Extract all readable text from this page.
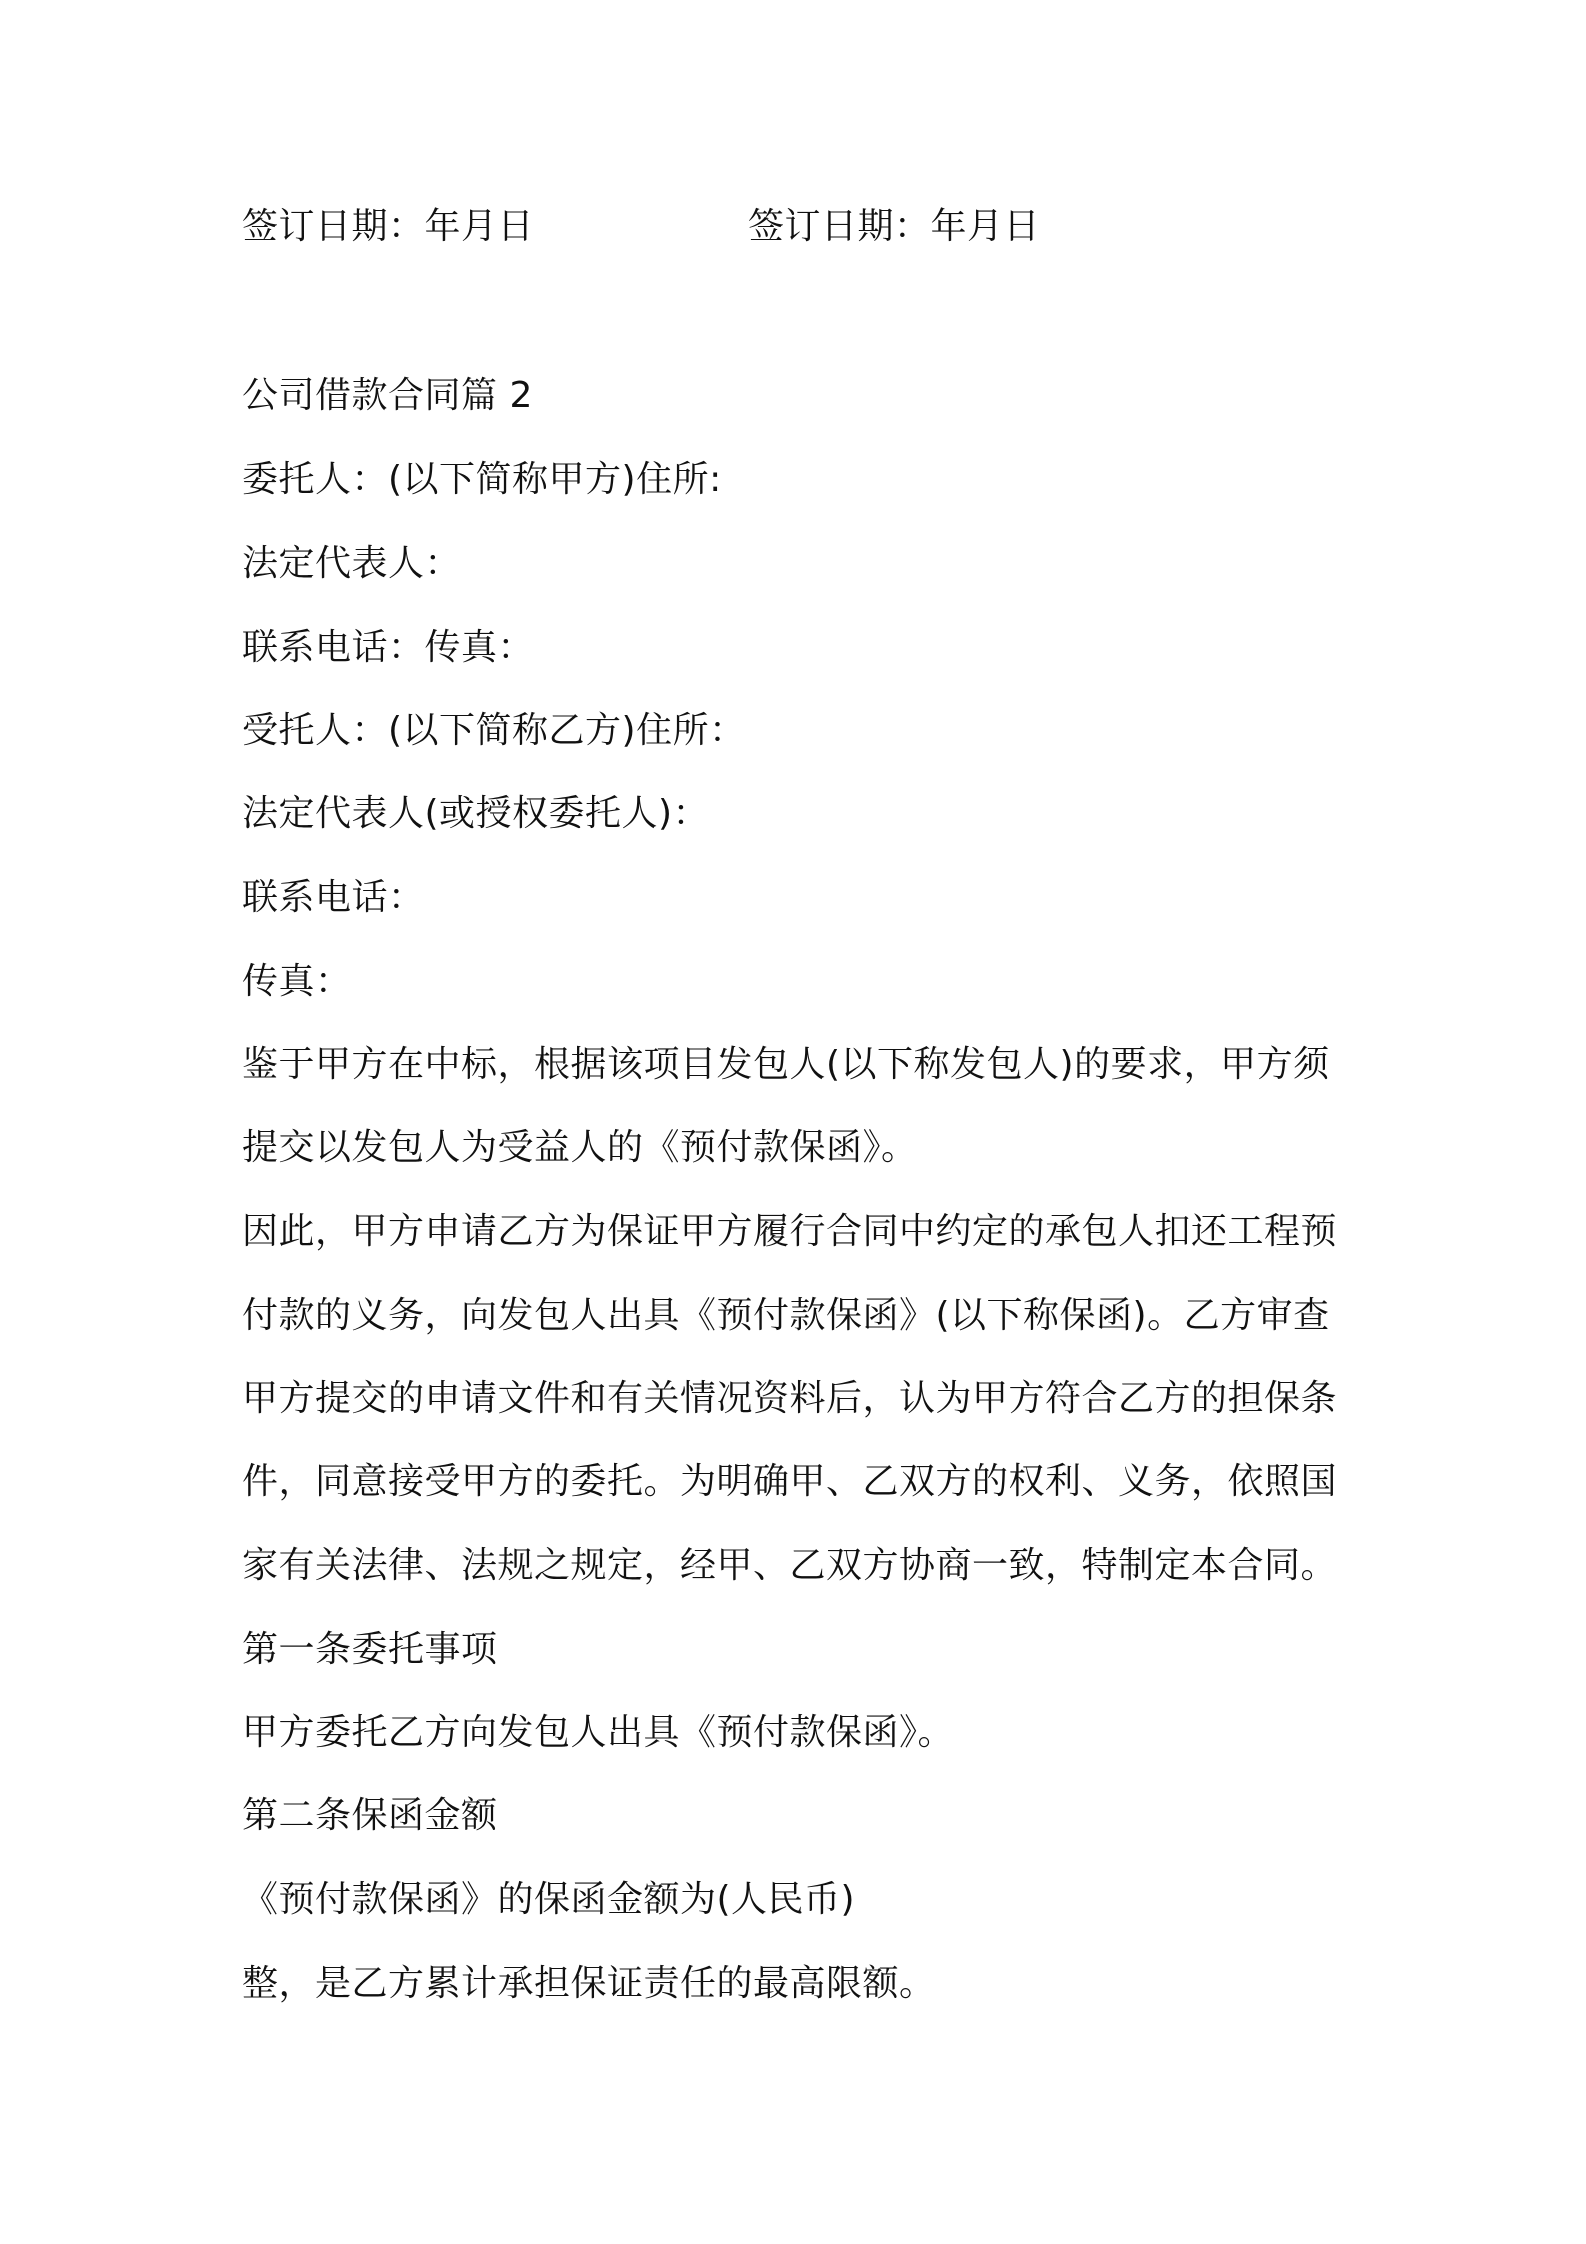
签订日期：年月日	签订日期：年月日
公司借款合同篇 2
委托人：(以下简称甲方)住所:
法定代表人：
联系电话：传真：
受托人：(以下简称乙方)住所：
法定代表人(或授权委托人)：
联系电话：
传真：
鉴于甲方在中标，根据该项目发包人(以下称发包人)的要求，甲方须
提交以发包人为受益人的《预付款保函》。
因此，甲方申请乙方为保证甲方履行合同中约定的承包人扣还工程预
付款的义务，向发包人出具《预付款保函》(以下称保函)。乙方审查
甲方提交的申请文件和有关情况资料后，认为甲方符合乙方的担保条
件，同意接受甲方的委托。为明确甲、乙双方的权利、义务，依照国
家有关法律、法规之规定，经甲、乙双方协商一致，特制定本合同。
第一条委托事项
甲方委托乙方向发包人出具《预付款保函》。
第二条保函金额
《预付款保函》的保函金额为(人民币)
整，是乙方累计承担保证责任的最高限额。
